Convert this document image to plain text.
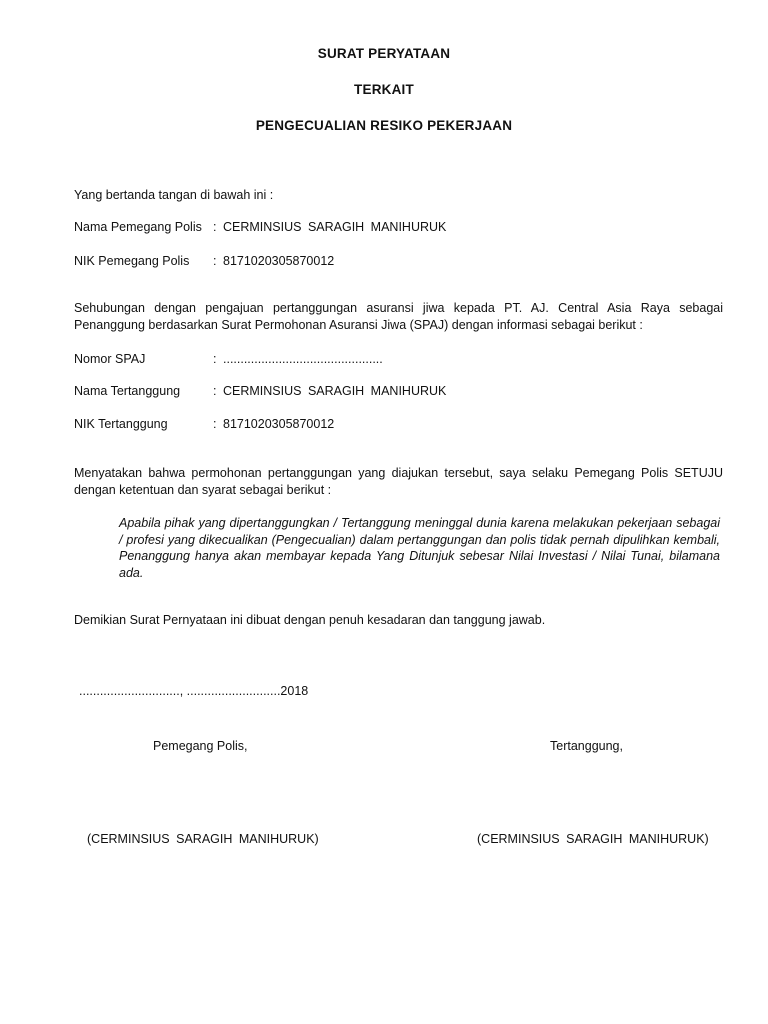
SURAT PERYATAAN
TERKAIT
PENGECUALIAN RESIKO PEKERJAAN
Yang bertanda tangan di bawah ini :
Nama Pemegang Polis : CERMINSIUS SARAGIH MANIHURUK
NIK Pemegang Polis : 8171020305870012
Sehubungan dengan pengajuan pertanggungan asuransi jiwa kepada PT. AJ. Central Asia Raya sebagai Penanggung berdasarkan Surat Permohonan Asuransi Jiwa (SPAJ) dengan informasi sebagai berikut :
Nomor SPAJ	: ..............................................
Nama Tertanggung	: CERMINSIUS SARAGIH MANIHURUK
NIK Tertanggung	: 8171020305870012
Menyatakan bahwa permohonan pertanggungan yang diajukan tersebut, saya selaku Pemegang Polis SETUJU dengan ketentuan dan syarat sebagai berikut :
Apabila pihak yang dipertanggungkan / Tertanggung meninggal dunia karena melakukan pekerjaan sebagai / profesi yang dikecualikan (Pengecualian) dalam pertanggungan dan polis tidak pernah dipulihkan kembali, Penanggung hanya akan membayar kepada Yang Ditunjuk sebesar Nilai Investasi / Nilai Tunai, bilamana ada.
Demikian Surat Pernyataan ini dibuat dengan penuh kesadaran dan tanggung jawab.
............................., ...........................2018
Pemegang Polis,	Tertanggung,
(CERMINSIUS SARAGIH MANIHURUK)	(CERMINSIUS SARAGIH MANIHURUK)
